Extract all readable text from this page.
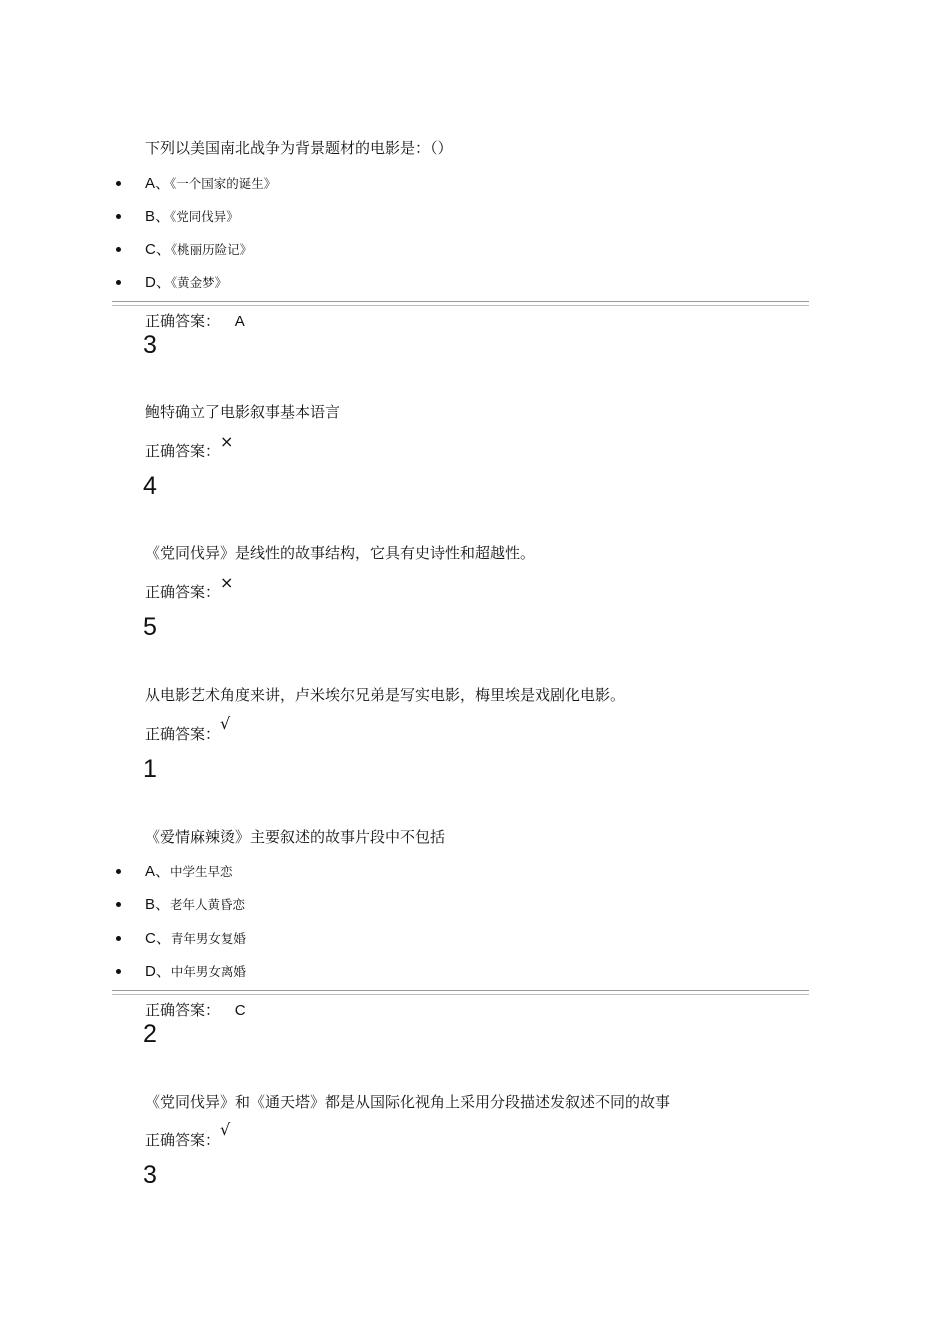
下列以美国南北战争为背景题材的电影是：（）
A、《一个国家的诞生》
B、《党同伐异》
C、《桃丽历险记》
D、《黄金梦》
正确答案： A
3
鲍特确立了电影叙事基本语言
正确答案：×
4
《党同伐异》是线性的故事结构，它具有史诗性和超越性。
正确答案：×
5
从电影艺术角度来讲，卢米埃尔兄弟是写实电影，梅里埃是戏剧化电影。
正确答案：√
1
《爱情麻辣烫》主要叙述的故事片段中不包括
A、中学生早恋
B、老年人黄昏恋
C、青年男女复婚
D、中年男女离婚
正确答案： C
2
《党同伐异》和《通天塔》都是从国际化视角上采用分段描述发叙述不同的故事
正确答案：√
3
